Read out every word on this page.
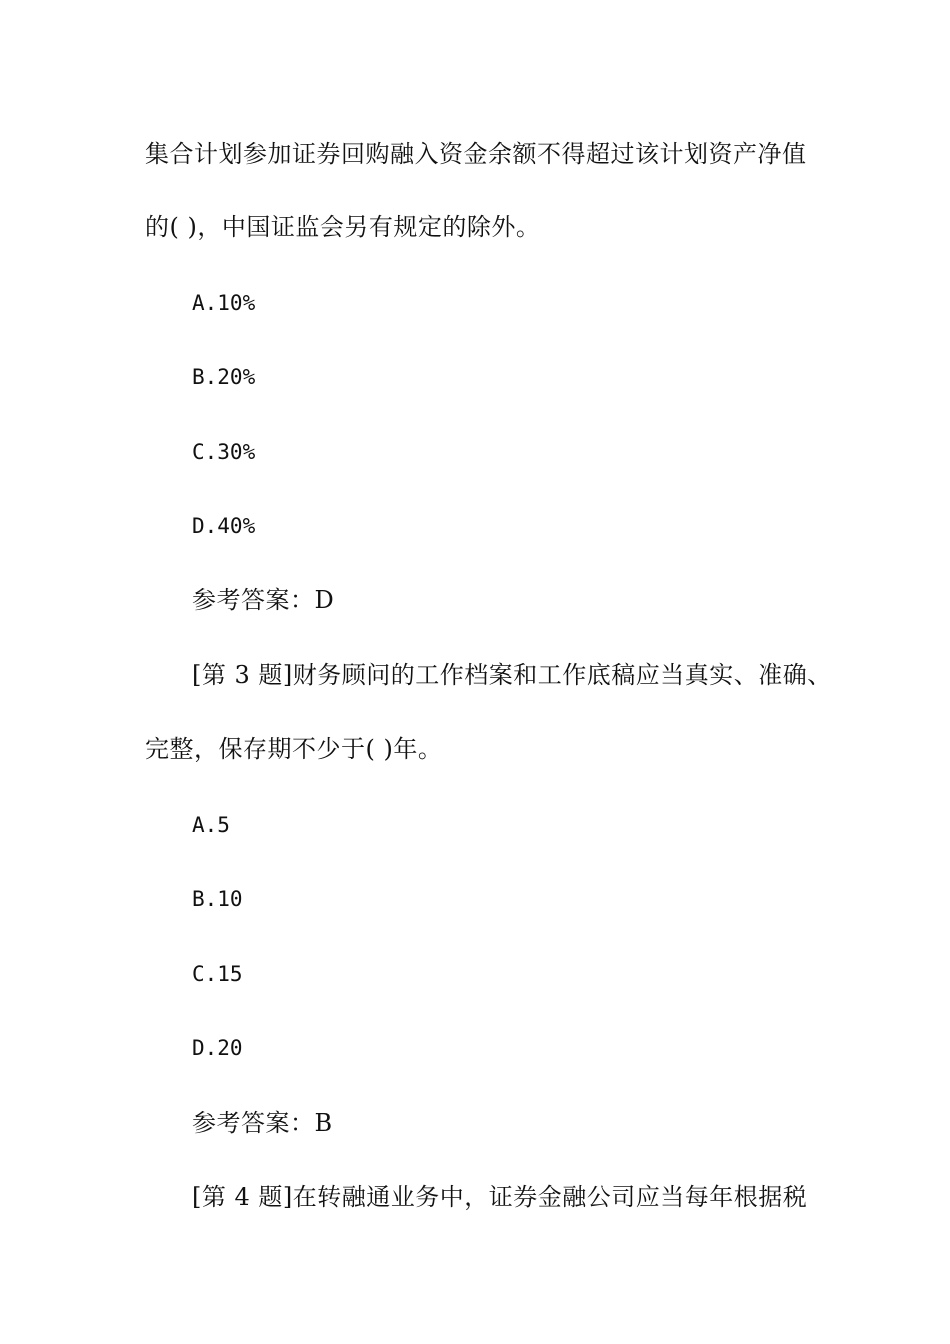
集合计划参加证券回购融入资金余额不得超过该计划资产净值
的( )，中国证监会另有规定的除外。
A.10%
B.20%
C.30%
D.40%
参考答案：D
[第 3 题]财务顾问的工作档案和工作底稿应当真实、准确、
完整，保存期不少于( )年。
A.5
B.10
C.15
D.20
参考答案：B
[第 4 题]在转融通业务中，证券金融公司应当每年根据税
